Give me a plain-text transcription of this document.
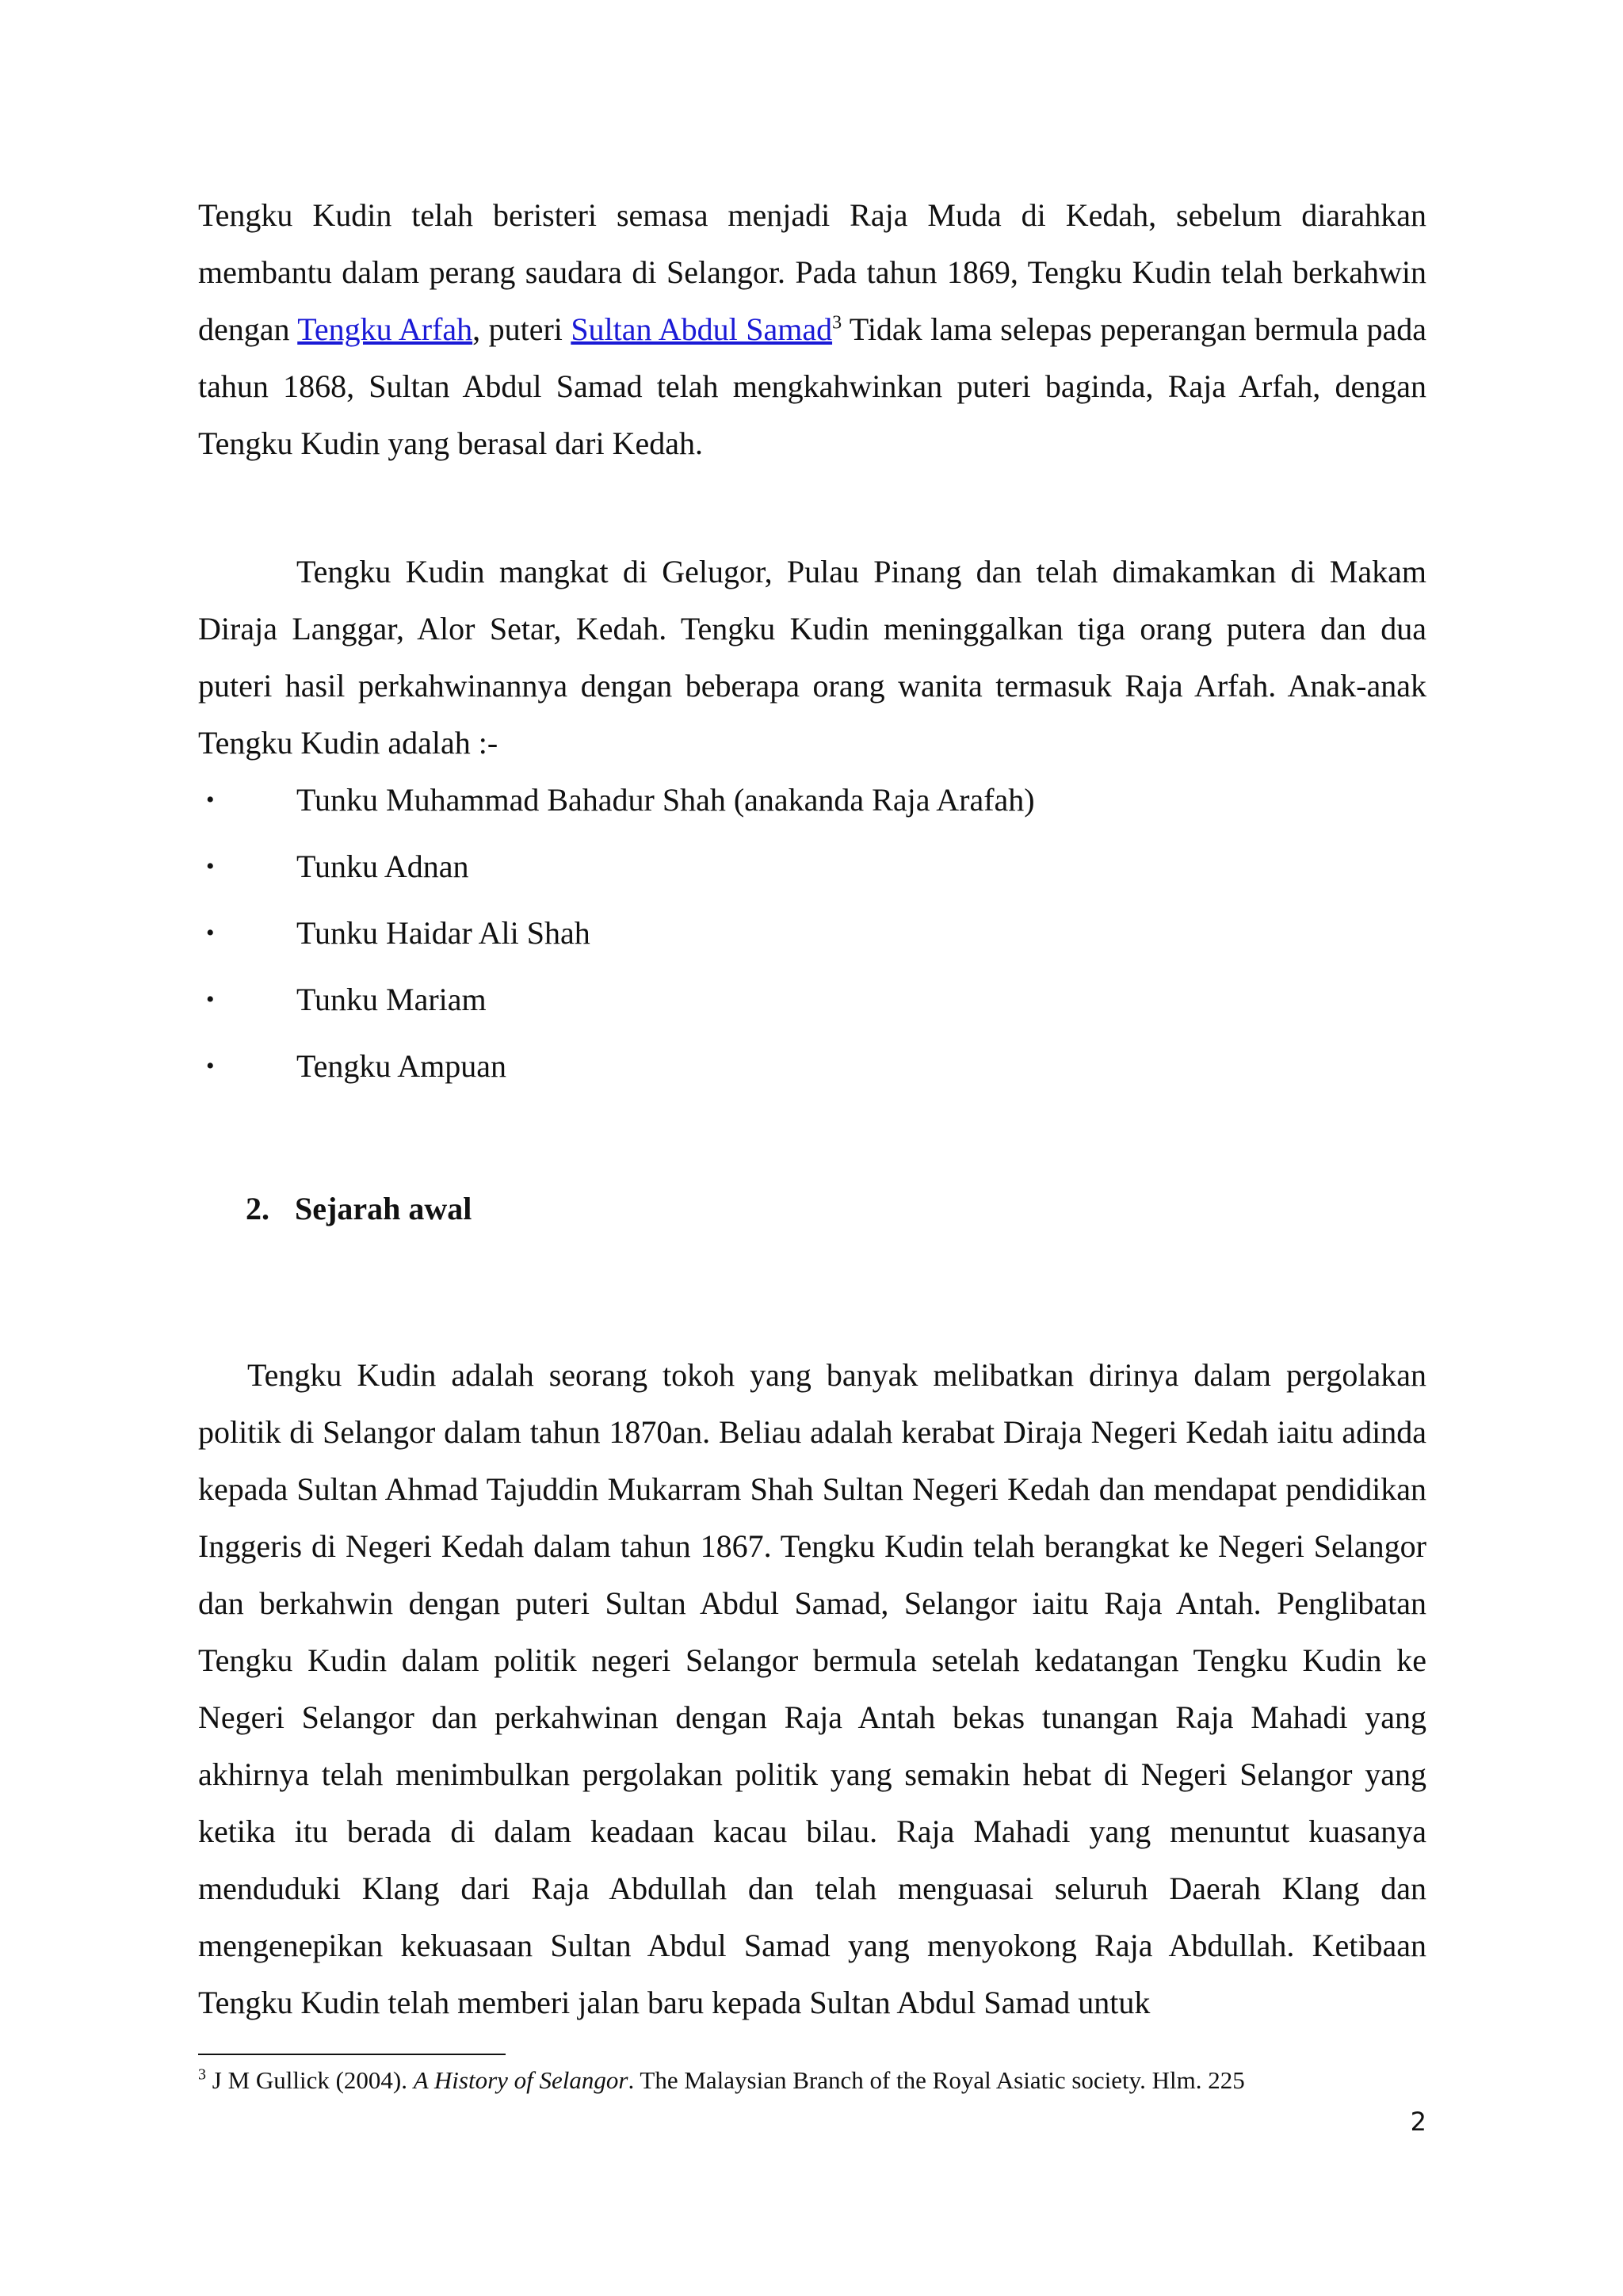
Tengku Kudin telah beristeri semasa menjadi Raja Muda di Kedah, sebelum diarahkan membantu dalam perang saudara di Selangor. Pada tahun 1869, Tengku Kudin telah berkahwin dengan Tengku Arfah, puteri Sultan Abdul Samad$^3$ Tidak lama selepas peperangan bermula pada tahun 1868, Sultan Abdul Samad telah mengkahwinkan puteri baginda, Raja Arfah, dengan Tengku Kudin yang berasal dari Kedah.

Tengku Kudin mangkat di Gelugor, Pulau Pinang dan telah dimakamkan di Makam Diraja Langgar, Alor Setar, Kedah. Tengku Kudin meninggalkan tiga orang putera dan dua puteri hasil perkahwinannya dengan beberapa orang wanita termasuk Raja Arfah. Anak-anak Tengku Kudin adalah :-

•	Tunku Muhammad Bahadur Shah (anakanda Raja Arafah)
•	Tunku Adnan
•	Tunku Haidar Ali Shah
•	Tunku Mariam
•	Tengku Ampuan
2. Sejarah awal

Tengku Kudin adalah seorang tokoh yang banyak melibatkan dirinya dalam pergolakan politik di Selangor dalam tahun 1870an. Beliau adalah kerabat Diraja Negeri Kedah iaitu adinda kepada Sultan Ahmad Tajuddin Mukarram Shah Sultan Negeri Kedah dan mendapat pendidikan Inggeris di Negeri Kedah dalam tahun 1867. Tengku Kudin telah berangkat ke Negeri Selangor dan berkahwin dengan puteri Sultan Abdul Samad, Selangor iaitu Raja Antah. Penglibatan Tengku Kudin dalam politik negeri Selangor bermula setelah kedatangan Tengku Kudin ke Negeri Selangor dan perkahwinan dengan Raja Antah bekas tunangan Raja Mahadi yang akhirnya telah menimbulkan pergolakan politik yang semakin hebat di Negeri Selangor yang ketika itu berada di dalam keadaan kacau bilau. Raja Mahadi yang menuntut kuasanya menduduki Klang dari Raja Abdullah dan telah menguasai seluruh Daerah Klang dan mengenepikan kekuasaan Sultan Abdul Samad yang menyokong Raja Abdullah. Ketibaan Tengku Kudin telah memberi jalan baru kepada Sultan Abdul Samad untuk

$^3$ J M Gullick (2004). A History of Selangor. The Malaysian Branch of the Royal Asiatic society. Hlm. 225

2
